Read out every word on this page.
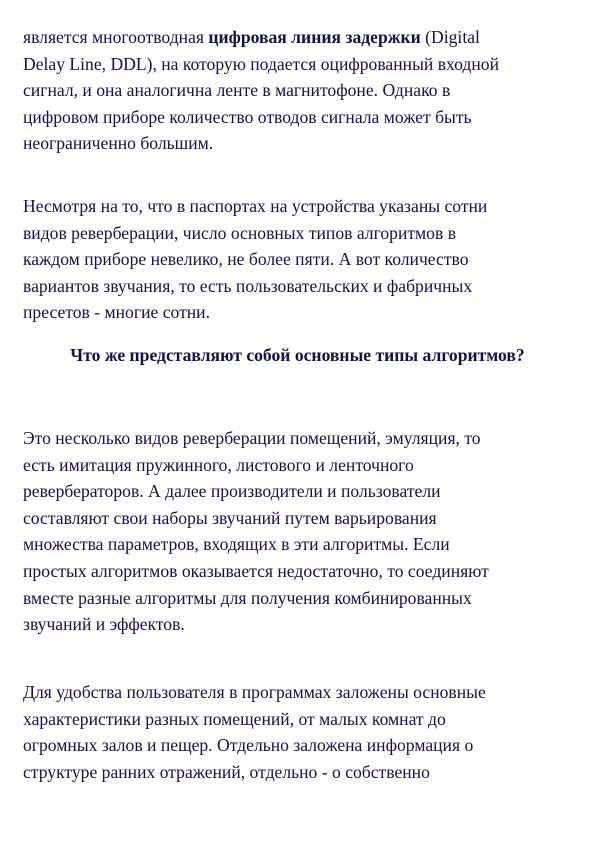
является многоотводная цифровая линия задержки (Digital
Delay Line, DDL), на которую подается оцифрованный входной
сигнал, и она аналогична ленте в магнитофоне. Однако в
цифровом приборе количество отводов сигнала может быть
неограниченно большим.
Несмотря на то, что в паспортах на устройства указаны сотни
видов реверберации, число основных типов алгоритмов в
каждом приборе невелико, не более пяти. А вот количество
вариантов звучания, то есть пользовательских и фабричных
пресетов - многие сотни.
Что же представляют собой основные типы алгоритмов?
Это несколько видов реверберации помещений, эмуляция, то
есть имитация пружинного, листового и ленточного
ревербераторов. А далее производители и пользователи
составляют свои наборы звучаний путем варьирования
множества параметров, входящих в эти алгоритмы. Если
простых алгоритмов оказывается недостаточно, то соединяют
вместе разные алгоритмы для получения комбинированных
звучаний и эффектов.
Для удобства пользователя в программах заложены основные
характеристики разных помещений, от малых комнат до
огромных залов и пещер. Отдельно заложена информация о
структуре ранних отражений, отдельно - о собственно
